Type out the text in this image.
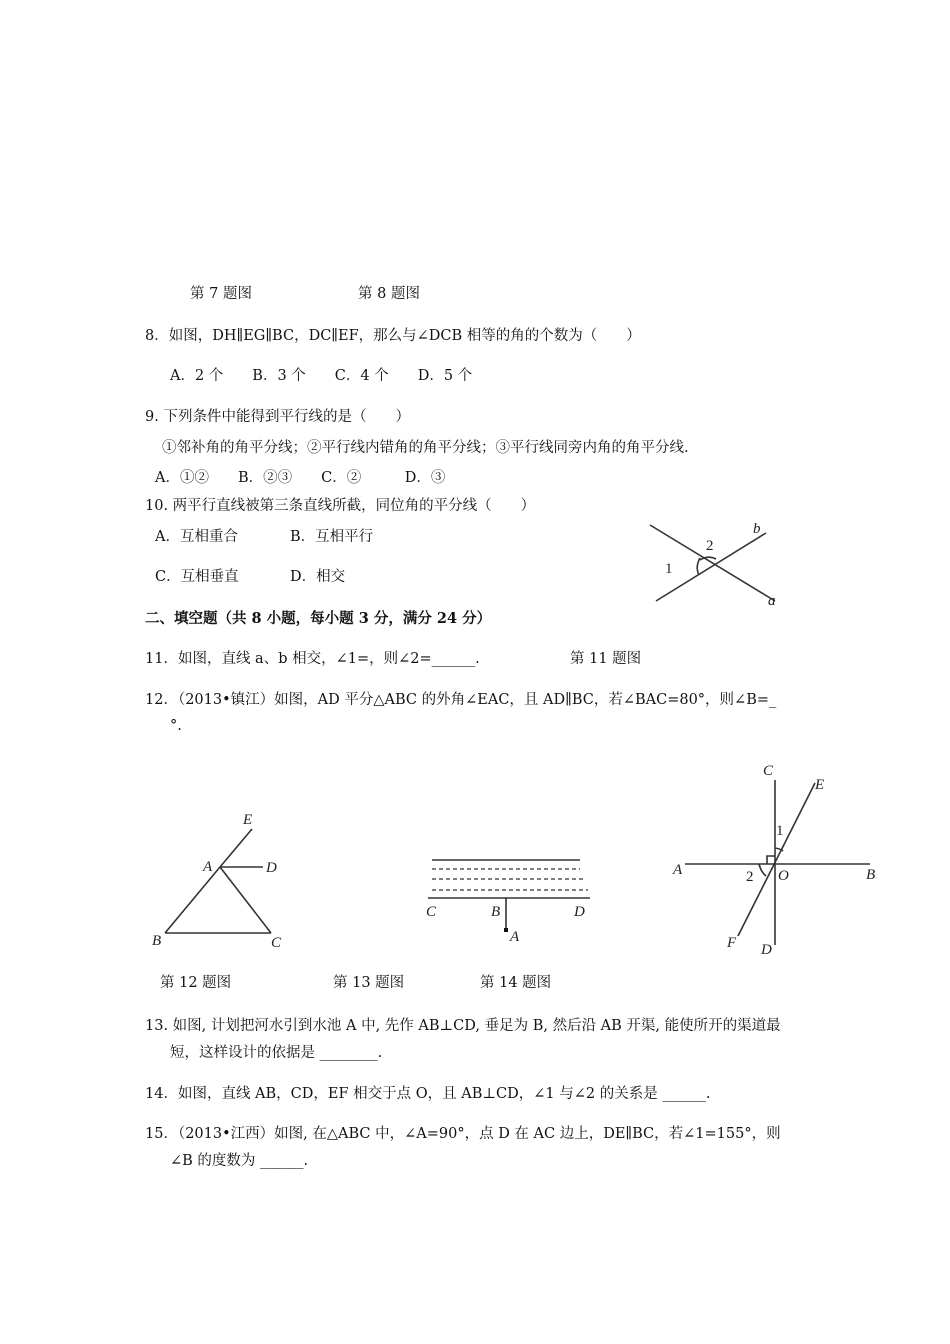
第 7 题图	第 8 题图
8．如图，DH∥EG∥BC，DC∥EF，那么与∠DCB 相等的角的个数为（　　）
A．2 个　　B．3 个　　C．4 个　　D．5 个
9. 下列条件中能得到平行线的是（　　）
①邻补角的角平分线；②平行线内错角的角平分线；③平行线同旁内角的角平分线.
A．①②　　B．②③　　C．②　　　D．③
10. 两平行直线被第三条直线所截，同位角的平分线（　　）
A．互相重合	B．互相平行
C．互相垂直	D．相交	1
2
a
b
二、填空题（共 8 小题，每小题 3 分，满分 24 分）
11．如图，直线 a、b 相交，∠1=，则∠2=______.	第 11 题图
12．（2013•镇江）如图，AD 平分△ABC 的外角∠EAC，且 AD∥BC，若∠BAC=80°，则∠B=_
°.
E
A	D
B	C
C	B	D
A
C
E
1
A	2 O	B
F D
第 12 题图	第 13 题图	第 14 题图
13. 如图, 计划把河水引到水池 A 中, 先作 AB⊥CD, 垂足为 B, 然后沿 AB 开渠, 能使所开的渠道最
短，这样设计的依据是 ________.
14．如图，直线 AB，CD，EF 相交于点 O，且 AB⊥CD，∠1 与∠2 的关系是 ______.
15．（2013•江西）如图, 在△ABC 中，∠A=90°，点 D 在 AC 边上，DE∥BC，若∠1=155°，则
∠B 的度数为 ______.
